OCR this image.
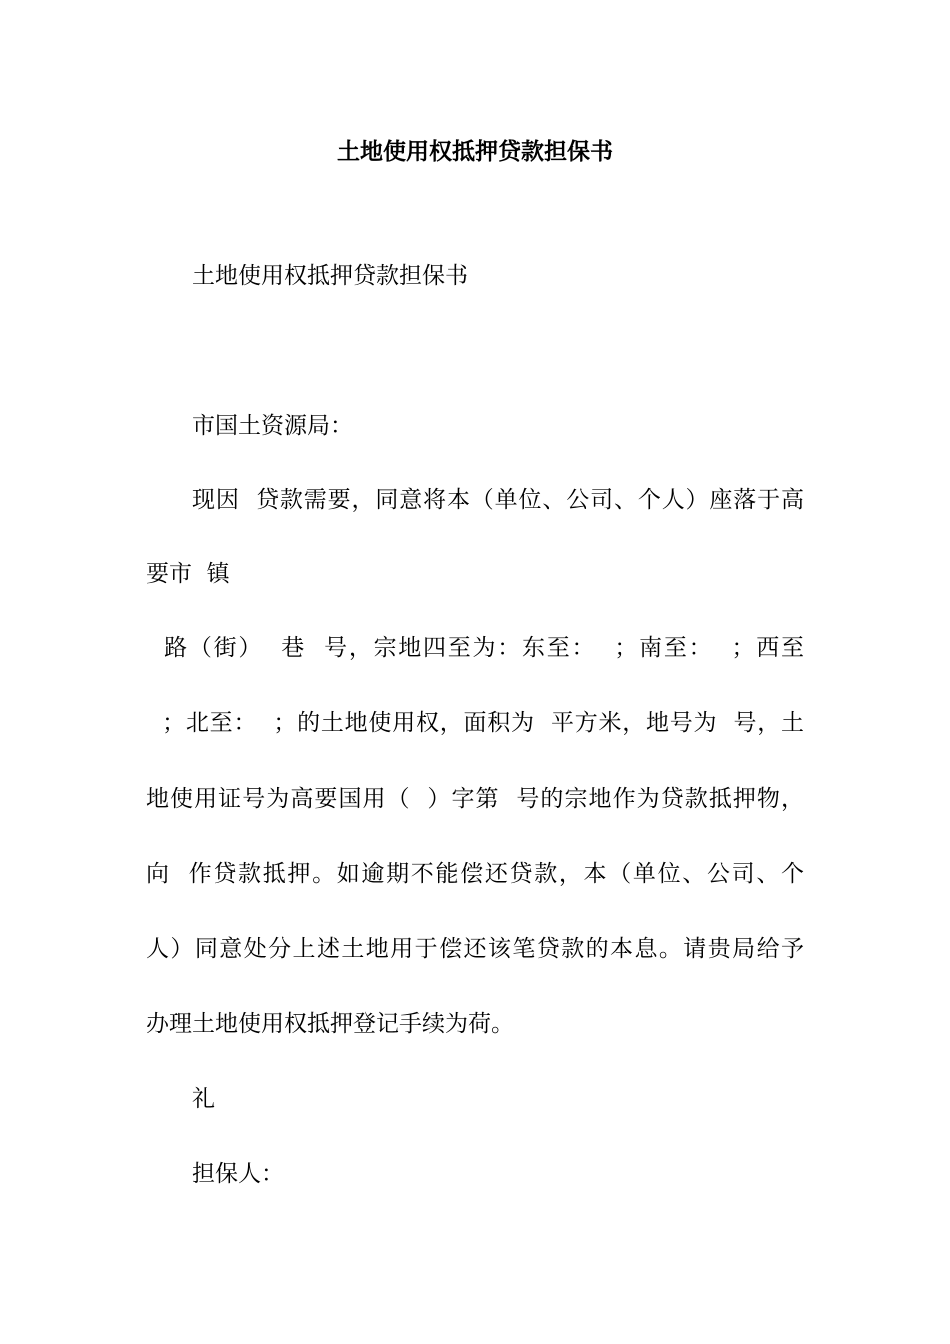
土地使用权抵押贷款担保书

土地使用权抵押贷款担保书

市国土资源局：

现因  贷款需要，同意将本（单位、公司、个人）座落于高

要市  镇

路（街）  巷  号，宗地四至为：东至：  ；南至：  ；西至

；北至：  ；的土地使用权，面积为  平方米，地号为  号，土

地使用证号为高要国用（  ）字第  号的宗地作为贷款抵押物，

向  作贷款抵押。如逾期不能偿还贷款，本（单位、公司、个

人）同意处分上述土地用于偿还该笔贷款的本息。请贵局给予

办理土地使用权抵押登记手续为荷。

礼

担保人：
